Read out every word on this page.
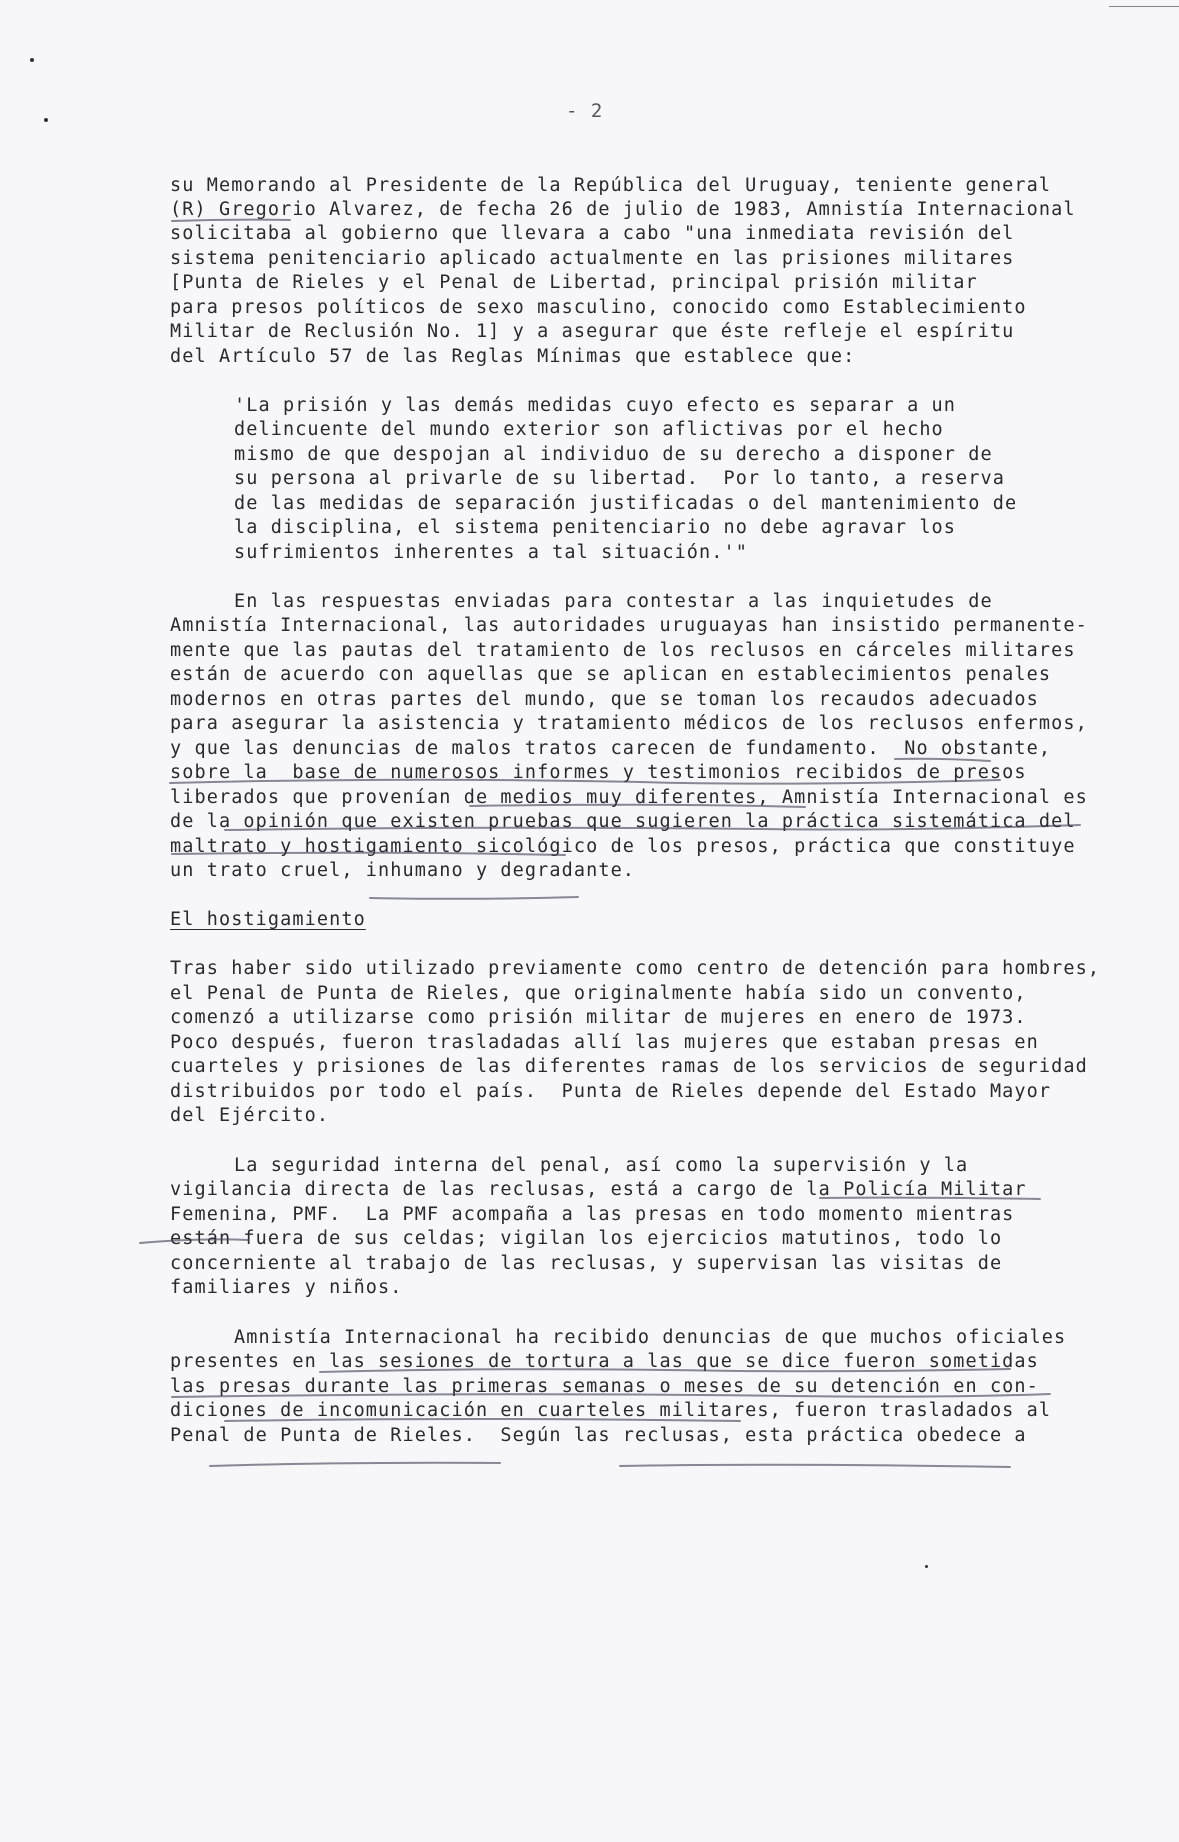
- 2
su Memorando al Presidente de la República del Uruguay, teniente general
(R) Gregorio Alvarez, de fecha 26 de julio de 1983, Amnistía Internacional
solicitaba al gobierno que llevara a cabo "una inmediata revisión del
sistema penitenciario aplicado actualmente en las prisiones militares
[Punta de Rieles y el Penal de Libertad, principal prisión militar
para presos políticos de sexo masculino, conocido como Establecimiento
Militar de Reclusión No. 1] y a asegurar que éste refleje el espíritu
del Artículo 57 de las Reglas Mínimas que establece que:
'La prisión y las demás medidas cuyo efecto es separar a un
delincuente del mundo exterior son aflictivas por el hecho
mismo de que despojan al individuo de su derecho a disponer de
su persona al privarle de su libertad.  Por lo tanto, a reserva
de las medidas de separación justificadas o del mantenimiento de
la disciplina, el sistema penitenciario no debe agravar los
sufrimientos inherentes a tal situación.'"
En las respuestas enviadas para contestar a las inquietudes de
Amnistía Internacional, las autoridades uruguayas han insistido permanente-
mente que las pautas del tratamiento de los reclusos en cárceles militares
están de acuerdo con aquellas que se aplican en establecimientos penales
modernos en otras partes del mundo, que se toman los recaudos adecuados
para asegurar la asistencia y tratamiento médicos de los reclusos enfermos,
y que las denuncias de malos tratos carecen de fundamento.  No obstante,
sobre la  base de numerosos informes y testimonios recibidos de presos
liberados que provenían de medios muy diferentes, Amnistía Internacional es
de la opinión que existen pruebas que sugieren la práctica sistemática del
maltrato y hostigamiento sicológico de los presos, práctica que constituye
un trato cruel, inhumano y degradante.
El hostigamiento
Tras haber sido utilizado previamente como centro de detención para hombres,
el Penal de Punta de Rieles, que originalmente había sido un convento,
comenzó a utilizarse como prisión militar de mujeres en enero de 1973.
Poco después, fueron trasladadas allí las mujeres que estaban presas en
cuarteles y prisiones de las diferentes ramas de los servicios de seguridad
distribuidos por todo el país.  Punta de Rieles depende del Estado Mayor
del Ejército.
La seguridad interna del penal, así como la supervisión y la
vigilancia directa de las reclusas, está a cargo de la Policía Militar
Femenina, PMF.  La PMF acompaña a las presas en todo momento mientras
están fuera de sus celdas; vigilan los ejercicios matutinos, todo lo
concerniente al trabajo de las reclusas, y supervisan las visitas de
familiares y niños.
Amnistía Internacional ha recibido denuncias de que muchos oficiales
presentes en las sesiones de tortura a las que se dice fueron sometidas
las presas durante las primeras semanas o meses de su detención en con-
diciones de incomunicación en cuarteles militares, fueron trasladados al
Penal de Punta de Rieles.  Según las reclusas, esta práctica obedece a
